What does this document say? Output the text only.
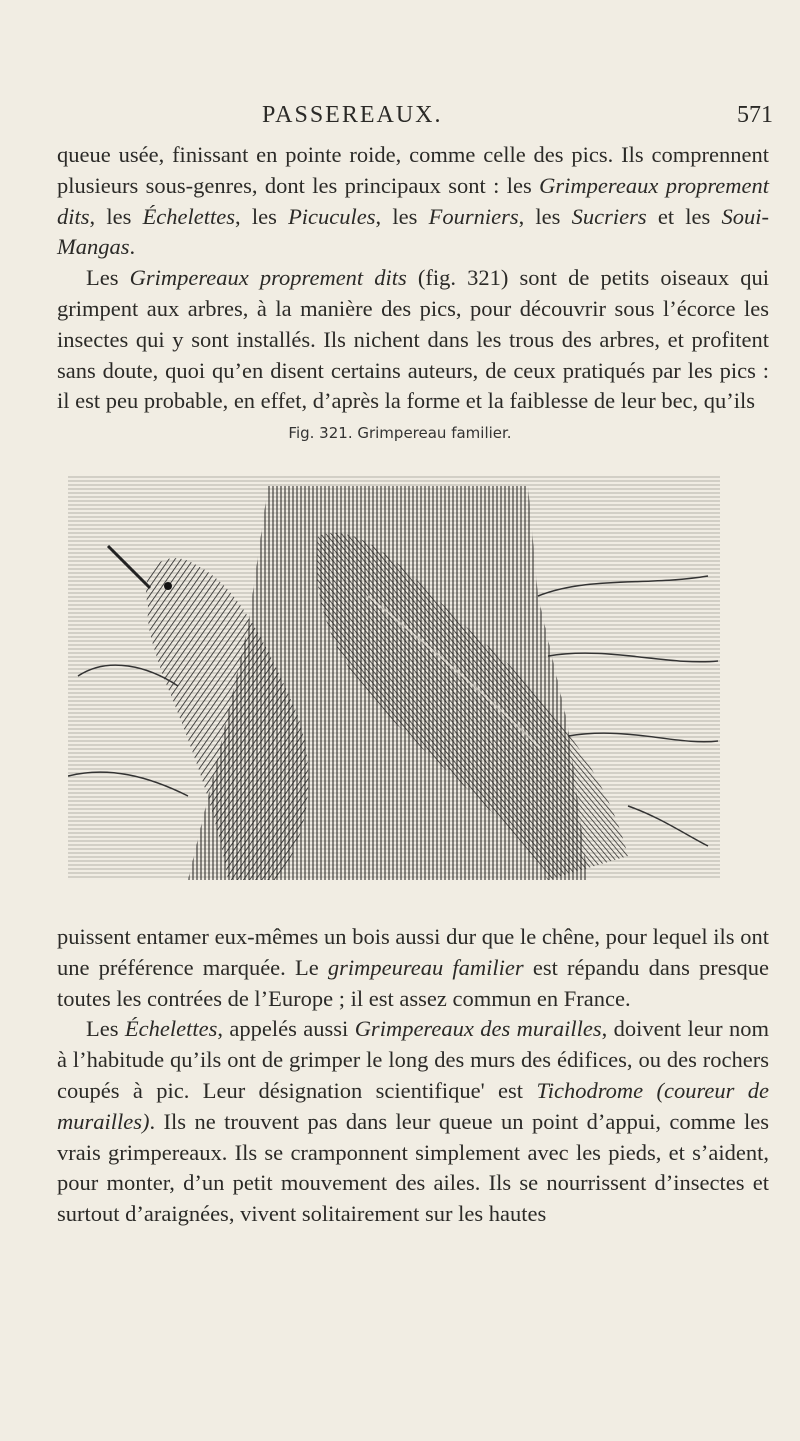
PASSEREAUX.	571

queue usée, finissant en pointe roide, comme celle des pics. Ils comprennent plusieurs sous-genres, dont les principaux sont : les Grimpereaux proprement dits, les Échelettes, les Picucules, les Fourniers, les Sucriers et les Soui-Mangas.

Les Grimpereaux proprement dits (fig. 321) sont de petits oiseaux qui grimpent aux arbres, à la manière des pics, pour découvrir sous l’écorce les insectes qui y sont installés. Ils nichent dans les trous des arbres, et profitent sans doute, quoi qu’en disent certains auteurs, de ceux pratiqués par les pics : il est peu probable, en effet, d’après la forme et la faiblesse de leur bec, qu’ils

Fig. 321. Grimpereau familier.

puissent entamer eux-mêmes un bois aussi dur que le chêne, pour lequel ils ont une préférence marquée. Le grimpeureau familier est répandu dans presque toutes les contrées de l’Europe ; il est assez commun en France.

Les Échelettes, appelés aussi Grimpereaux des murailles, doivent leur nom à l’habitude qu’ils ont de grimper le long des murs des édifices, ou des rochers coupés à pic. Leur désignation scientifique' est Tichodrome (coureur de murailles). Ils ne trouvent pas dans leur queue un point d’appui, comme les vrais grimpereaux. Ils se cramponnent simplement avec les pieds, et s’aident, pour monter, d’un petit mouvement des ailes. Ils se nourrissent d’insectes et surtout d’araignées, vivent solitairement sur les hautes
